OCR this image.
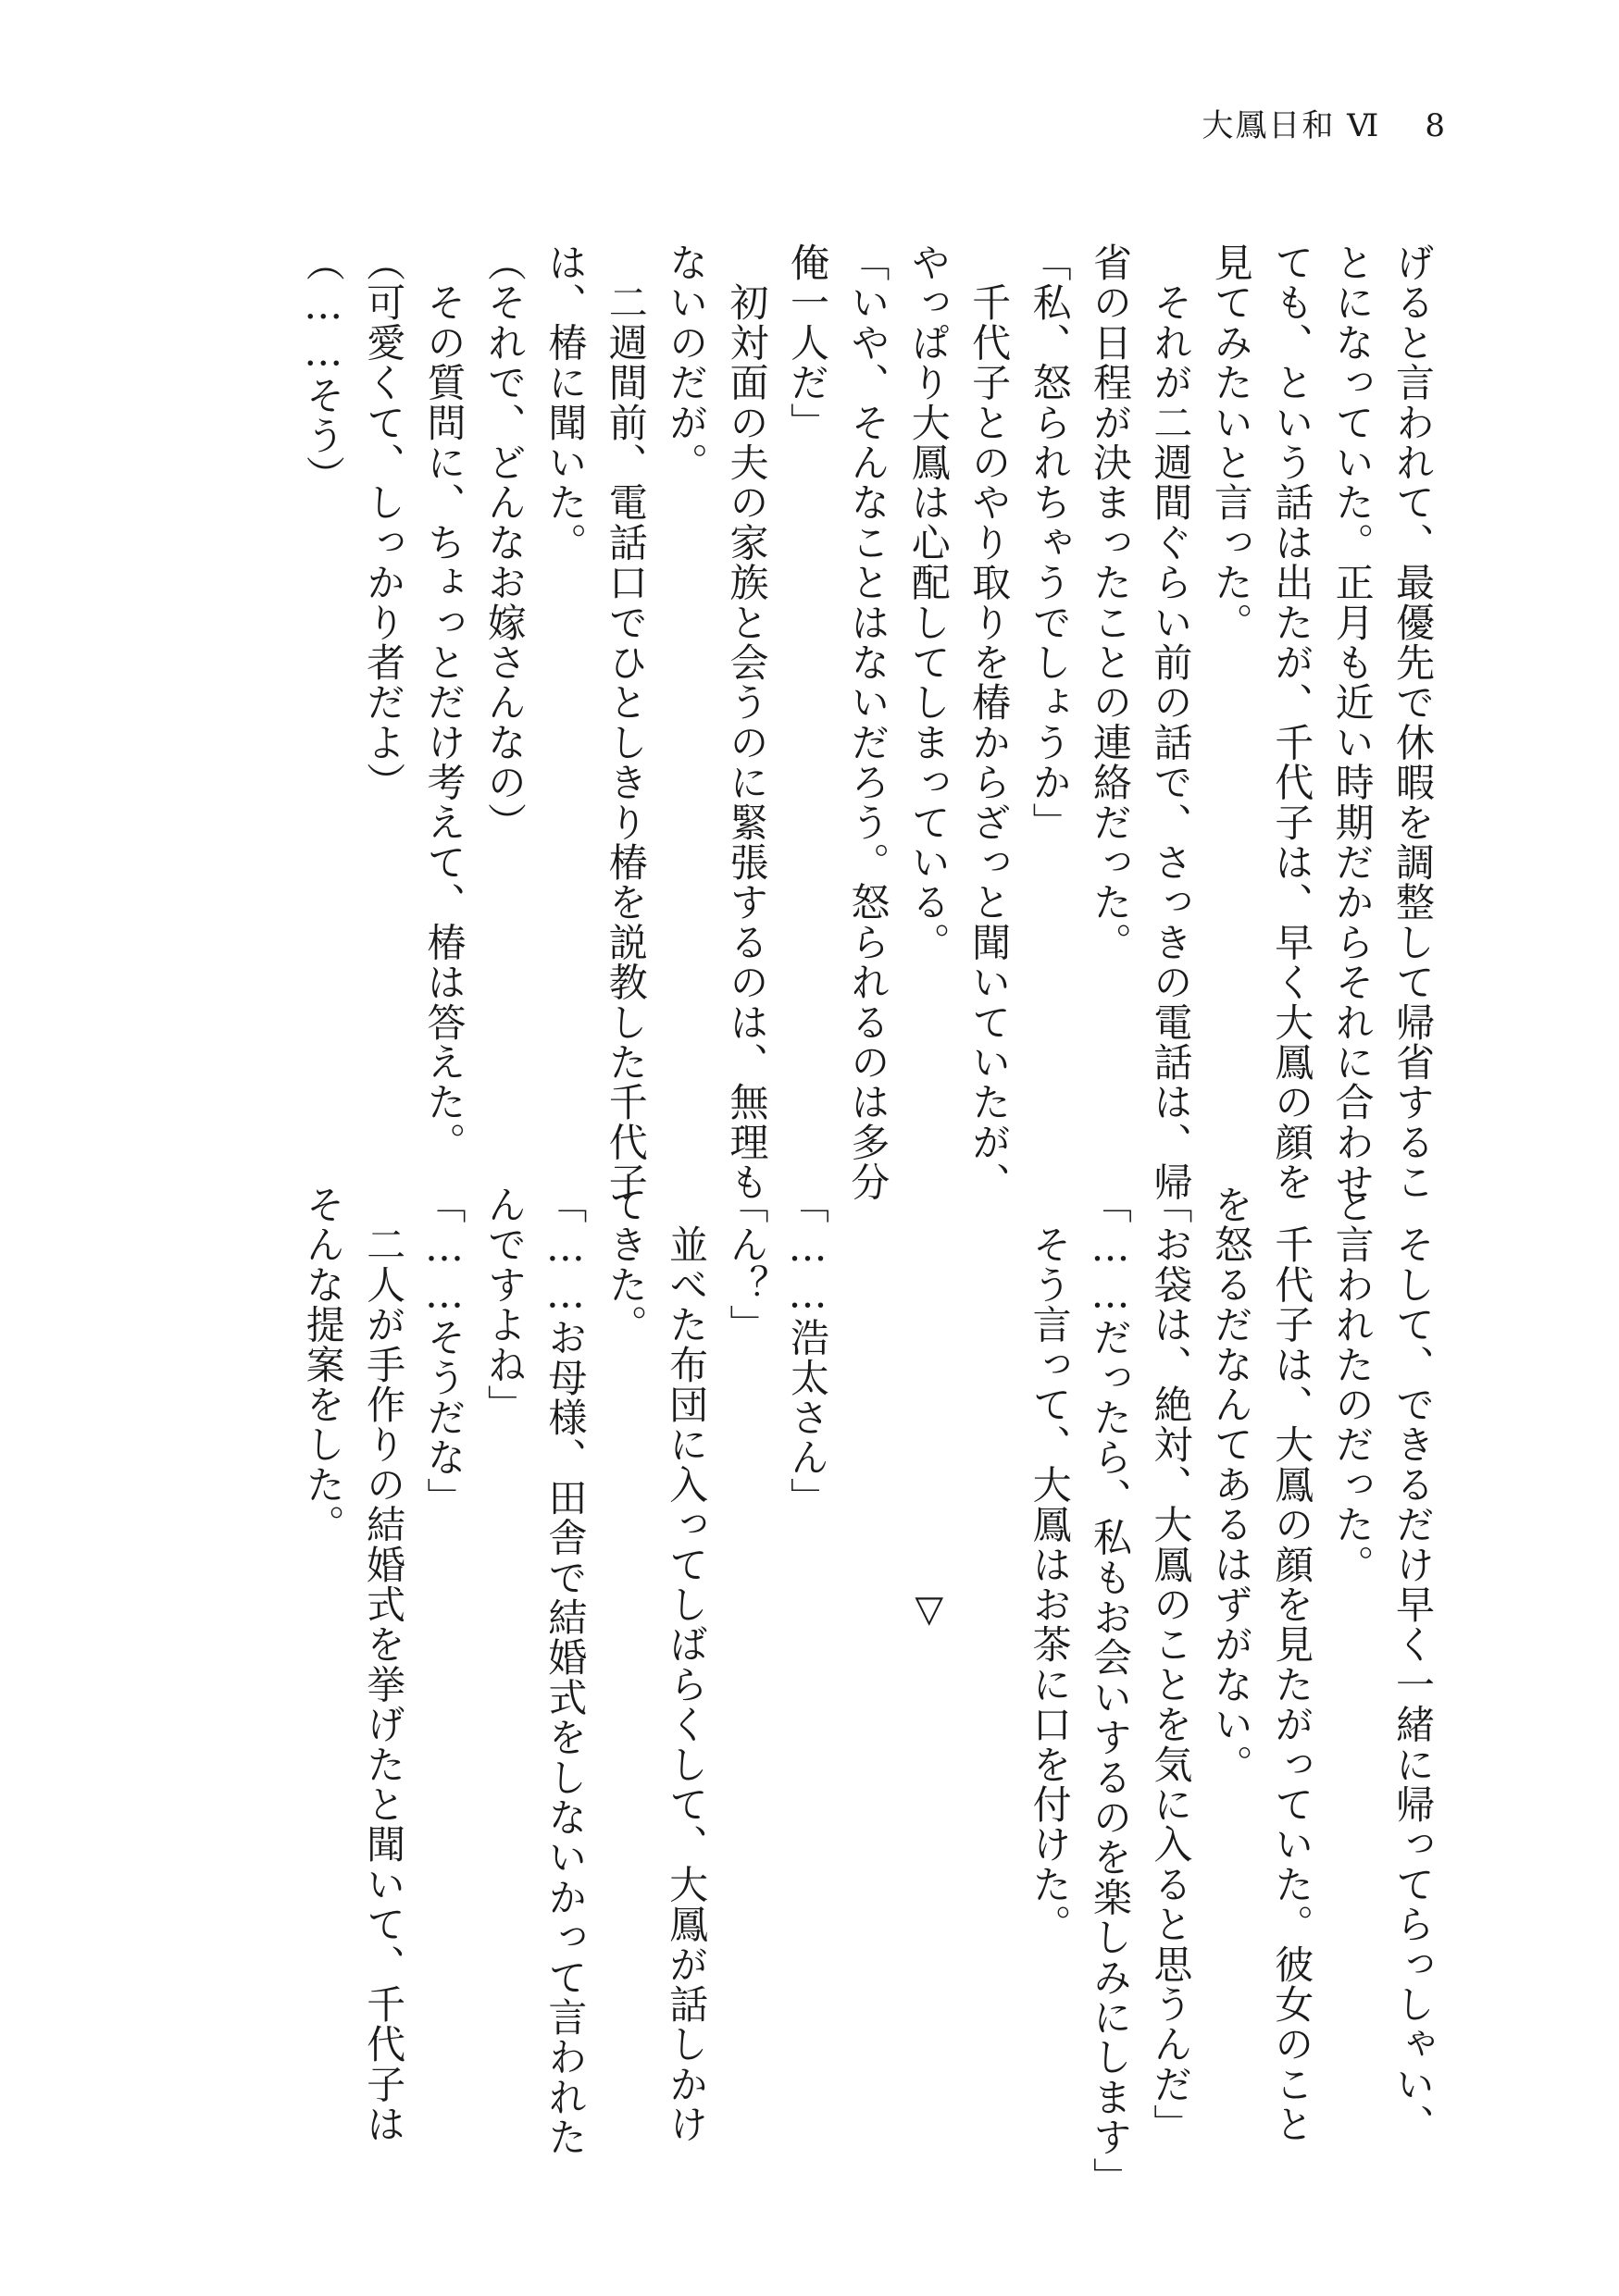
大鳳日和 Ⅵ 8
げると言われて、最優先で休暇を調整して帰省するこ
とになっていた。正月も近い時期だからそれに合わせ
ても、という話は出たが、千代子は、早く大鳳の顔を
見てみたいと言った。
　それが二週間ぐらい前の話で、さっきの電話は、帰
省の日程が決まったことの連絡だった。
「私、怒られちゃうでしょうか」
　千代子とのやり取りを椿からざっと聞いていたが、
やっぱり大鳳は心配してしまっている。
「いや、そんなことはないだろう。怒られるのは多分
俺一人だ」
　初対面の夫の家族と会うのに緊張するのは、無理も
ないのだが。
　二週間前、電話口でひとしきり椿を説教した千代子
は、椿に聞いた。
（それで、どんなお嫁さんなの）
　その質問に、ちょっとだけ考えて、椿は答えた。
（可愛くて、しっかり者だよ）
（……そう）
　そして、できるだけ早く一緒に帰ってらっしゃい、
と言われたのだった。
　千代子は、大鳳の顔を見たがっていた。彼女のこと
を怒るだなんてあるはずがない。
「お袋は、絶対、大鳳のことを気に入ると思うんだ」
「……だったら、私もお会いするのを楽しみにします」
　そう言って、大鳳はお茶に口を付けた。
▽
「……浩太さん」
「ん？」
　並べた布団に入ってしばらくして、大鳳が話しかけ
てきた。
「……お母様、田舎で結婚式をしないかって言われた
んですよね」
「……そうだな」
　二人が手作りの結婚式を挙げたと聞いて、千代子は
そんな提案をした。
